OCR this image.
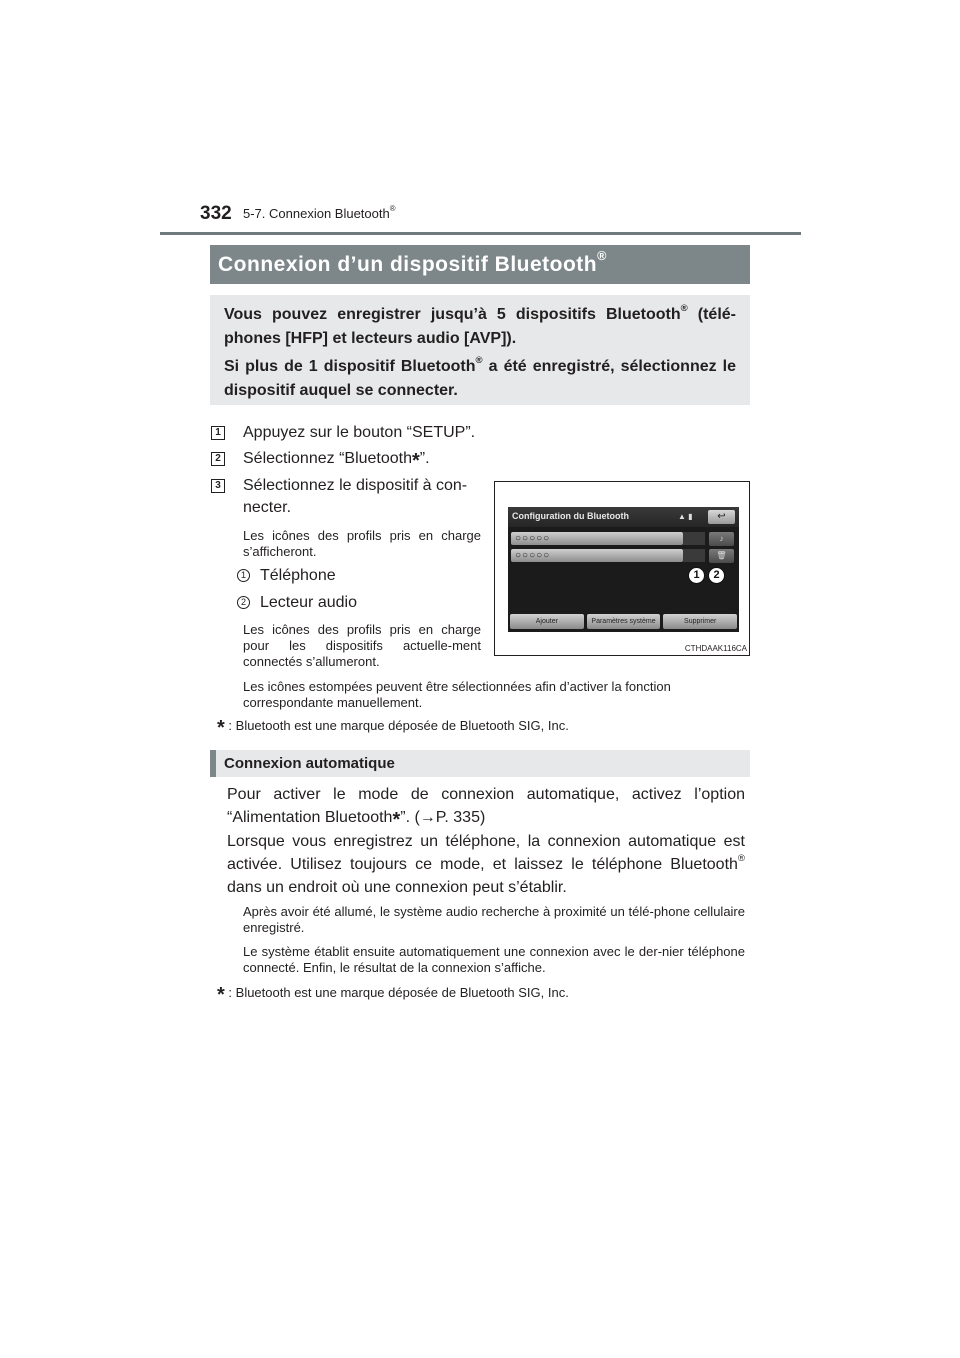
332 5-7. Connexion Bluetooth®
Connexion d’un dispositif Bluetooth®

Vous pouvez enregistrer jusqu’à 5 dispositifs Bluetooth® (télé-phones [HFP] et lecteurs audio [AVP]).

Si plus de 1 dispositif Bluetooth® a été enregistré, sélectionnez le dispositif auquel se connecter.

1 Appuyez sur le bouton “SETUP”.
2 Sélectionnez “Bluetooth*”.
3 Sélectionnez le dispositif à con-
necter.
Les icônes des profils pris en charge s’afficheront.
1 Téléphone
2 Lecteur audio
Les icônes des profils pris en charge pour les dispositifs actuelle-ment connectés s’allumeront.
Les icônes estompées peuvent être sélectionnées afin d’activer la fonction correspondante manuellement.
* : Bluetooth est une marque déposée de Bluetooth SIG, Inc.
Configuration du Bluetooth	▲ ▮	↩
○○○○○	♪
○○○○○	🗑
1	2
Ajouter	Paramètres système	Supprimer
CTHDAAK116CA
Connexion automatique
Pour activer le mode de connexion automatique, activez l’option “Alimentation Bluetooth*”. (→P. 335)
Lorsque vous enregistrez un téléphone, la connexion automatique est activée. Utilisez toujours ce mode, et laissez le téléphone Bluetooth® dans un endroit où une connexion peut s’établir.
Après avoir été allumé, le système audio recherche à proximité un télé-phone cellulaire enregistré.
Le système établit ensuite automatiquement une connexion avec le der-nier téléphone connecté. Enfin, le résultat de la connexion s’affiche.
* : Bluetooth est une marque déposée de Bluetooth SIG, Inc.
